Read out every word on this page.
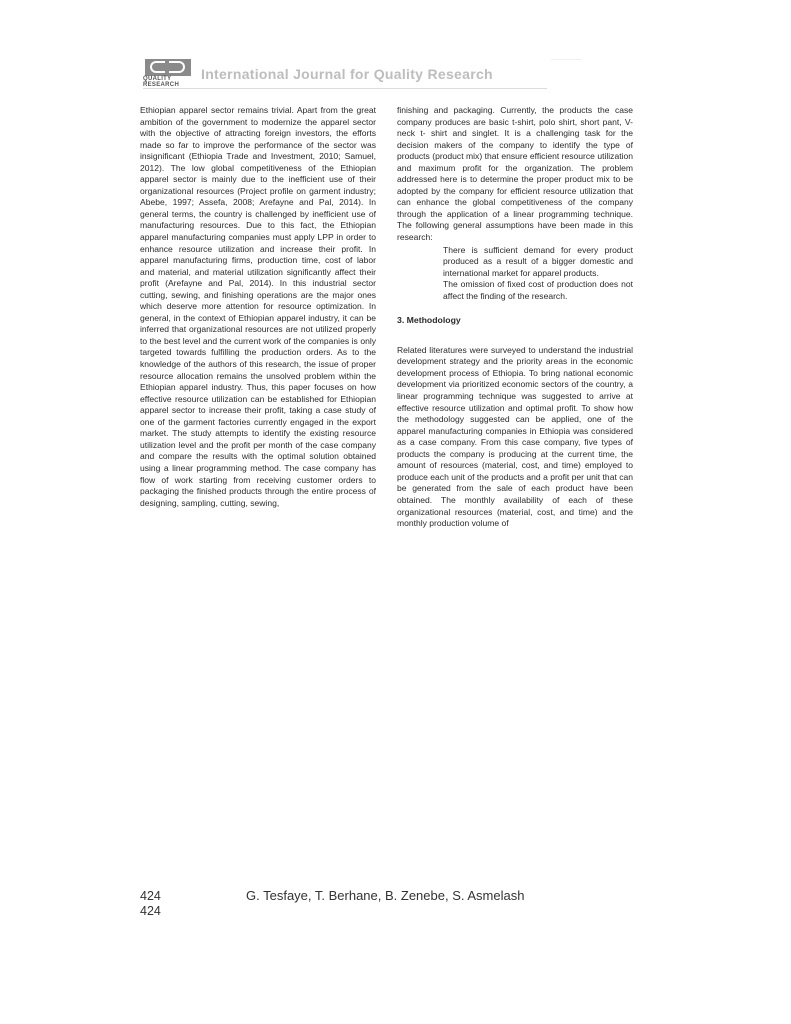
QUALITY
RESEARCH
International Journal for Quality Research

Ethiopian apparel sector remains trivial. Apart from the great ambition of the government to modernize the apparel sector with the objective of attracting foreign investors, the efforts made so far to improve the performance of the sector was insignificant (Ethiopia Trade and Investment, 2010; Samuel, 2012). The low global competitiveness of the Ethiopian apparel sector is mainly due to the inefficient use of their organizational resources (Project profile on garment industry; Abebe, 1997; Assefa, 2008; Arefayne and Pal, 2014). In general terms, the country is challenged by inefficient use of manufacturing resources. Due to this fact, the Ethiopian apparel manufacturing companies must apply LPP in order to enhance resource utilization and increase their profit. In apparel manufacturing firms, production time, cost of labor and material, and material utilization significantly affect their profit (Arefayne and Pal, 2014). In this industrial sector cutting, sewing, and finishing operations are the major ones which deserve more attention for resource optimization. In general, in the context of Ethiopian apparel industry, it can be inferred that organizational resources are not utilized properly to the best level and the current work of the companies is only targeted towards fulfilling the production orders. As to the knowledge of the authors of this research, the issue of proper resource allocation remains the unsolved problem within the Ethiopian apparel industry. Thus, this paper focuses on how effective resource utilization can be established for Ethiopian apparel sector to increase their profit, taking a case study of one of the garment factories currently engaged in the export market. The study attempts to identify the existing resource utilization level and the profit per month of the case company and compare the results with the optimal solution obtained using a linear programming method. The case company has flow of work starting from receiving customer orders to packaging the finished products through the entire process of designing, sampling, cutting, sewing,

finishing and packaging. Currently, the products the case company produces are basic t-shirt, polo shirt, short pant, V-neck t- shirt and singlet. It is a challenging task for the decision makers of the company to identify the type of products (product mix) that ensure efficient resource utilization and maximum profit for the organization. The problem addressed here is to determine the proper product mix to be adopted by the company for efficient resource utilization that can enhance the global competitiveness of the company through the application of a linear programming technique. The following general assumptions have been made in this research:

There is sufficient demand for every product produced as a result of a bigger domestic and international market for apparel products.
The omission of fixed cost of production does not affect the finding of the research.

3. Methodology

Related literatures were surveyed to understand the industrial development strategy and the priority areas in the economic development process of Ethiopia. To bring national economic development via prioritized economic sectors of the country, a linear programming technique was suggested to arrive at effective resource utilization and optimal profit. To show how the methodology suggested can be applied, one of the apparel manufacturing companies in Ethiopia was considered as a case company. From this case company, five types of products the company is producing at the current time, the amount of resources (material, cost, and time) employed to produce each unit of the products and a profit per unit that can be generated from the sale of each product have been obtained. The monthly availability of each of these organizational resources (material, cost, and time) and the monthly production volume of

424
424
G. Tesfaye, T. Berhane, B. Zenebe, S. Asmelash
